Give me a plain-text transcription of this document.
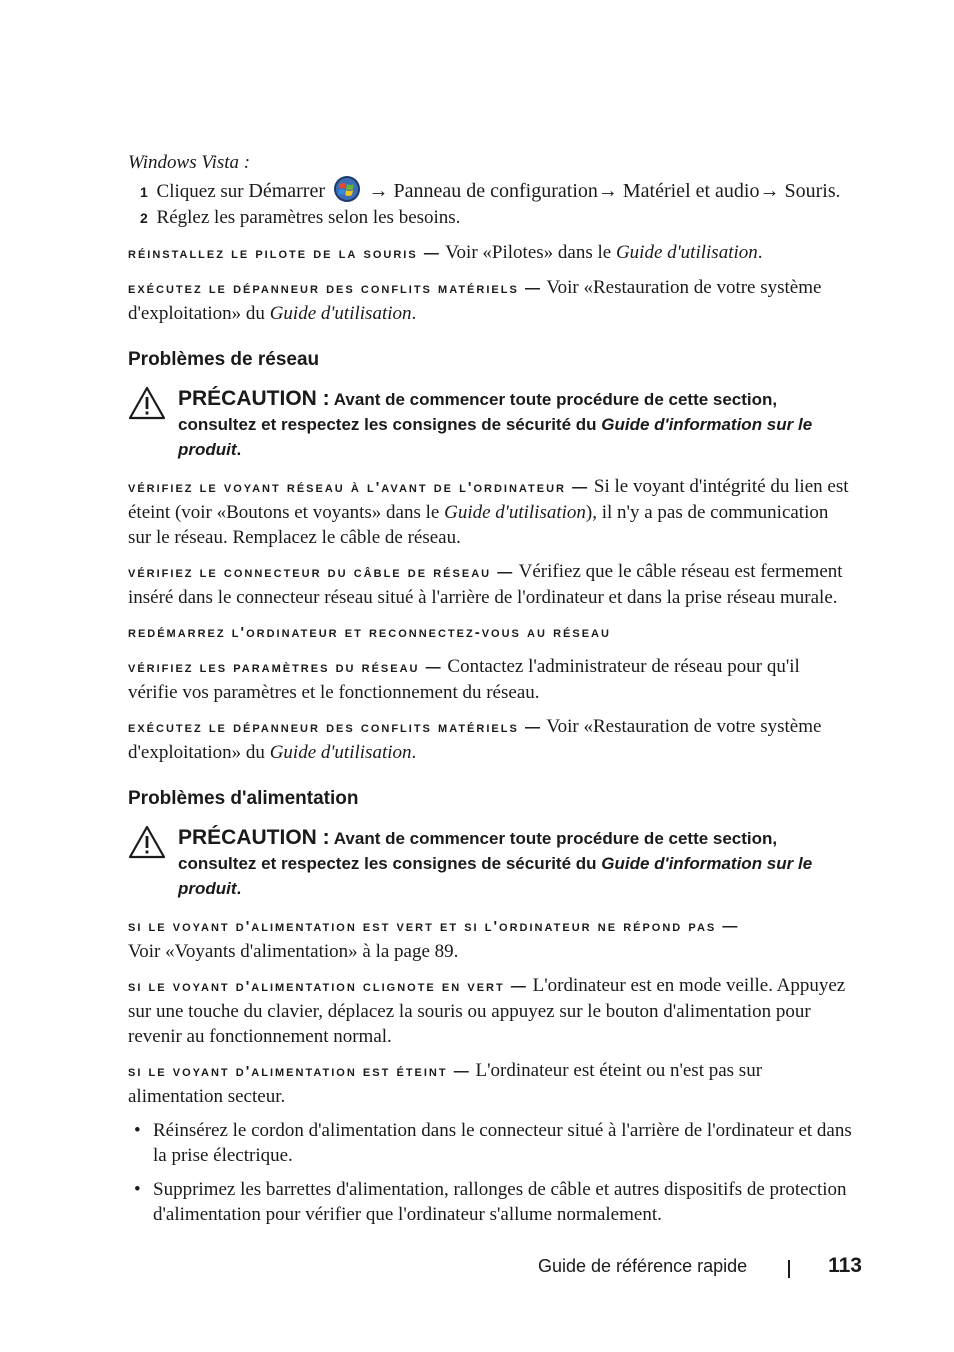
Windows Vista :

1 Cliquez sur Démarrer → Panneau de configuration→ Matériel et audio→ Souris.

2 Réglez les paramètres selon les besoins.

réinstallez le pilote de la souris — Voir «Pilotes» dans le Guide d'utilisation.

exécutez le dépanneur des conflits matériels — Voir «Restauration de votre système d'exploitation» du Guide d'utilisation.

Problèmes de réseau
PRÉCAUTION : Avant de commencer toute procédure de cette section, consultez et respectez les consignes de sécurité du Guide d'information sur le produit.

vérifiez le voyant réseau à l'avant de l'ordinateur — Si le voyant d'intégrité du lien est éteint (voir «Boutons et voyants» dans le Guide d'utilisation), il n'y a pas de communication sur le réseau. Remplacez le câble de réseau.

vérifiez le connecteur du câble de réseau — Vérifiez que le câble réseau est fermement inséré dans le connecteur réseau situé à l'arrière de l'ordinateur et dans la prise réseau murale.

redémarrez l'ordinateur et reconnectez-vous au réseau

vérifiez les paramètres du réseau — Contactez l'administrateur de réseau pour qu'il vérifie vos paramètres et le fonctionnement du réseau.

exécutez le dépanneur des conflits matériels — Voir «Restauration de votre système d'exploitation» du Guide d'utilisation.

Problèmes d'alimentation
PRÉCAUTION : Avant de commencer toute procédure de cette section, consultez et respectez les consignes de sécurité du Guide d'information sur le produit.

si le voyant d'alimentation est vert et si l'ordinateur ne répond pas —
Voir «Voyants d'alimentation» à la page 89.

si le voyant d'alimentation clignote en vert — L'ordinateur est en mode veille. Appuyez sur une touche du clavier, déplacez la souris ou appuyez sur le bouton d'alimentation pour revenir au fonctionnement normal.

si le voyant d'alimentation est éteint — L'ordinateur est éteint ou n'est pas sur alimentation secteur.

• Réinsérez le cordon d'alimentation dans le connecteur situé à l'arrière de l'ordinateur et dans la prise électrique.
• Supprimez les barrettes d'alimentation, rallonges de câble et autres dispositifs de protection d'alimentation pour vérifier que l'ordinateur s'allume normalement.
Guide de référence rapide	113
